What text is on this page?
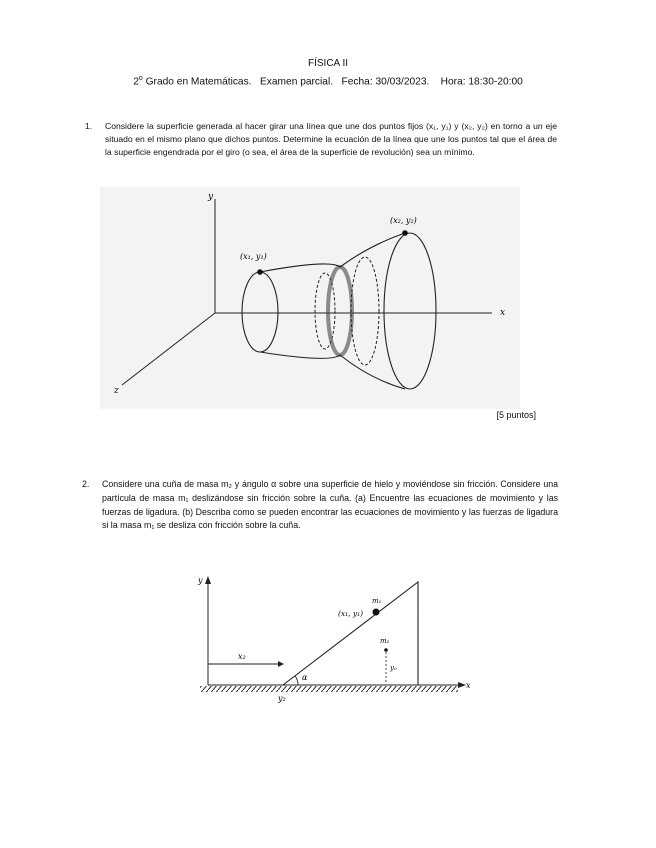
FÍSICA II
2$^o$ Grado en Matemáticas.   Examen parcial.   Fecha: 30/03/2023.    Hora: 18:30-20:00
1. Considere la superficie generada al hacer girar una línea que une dos puntos fijos (x₁, y₁) y (x₂, y₂) en torno a un eje situado en el mismo plano que dichos puntos. Determine la ecuación de la línea que une los puntos tal que el área de la superficie engendrada por el giro (o sea, el área de la superficie de revolución) sea un mínimo.
y
x
z
(x₁, y₁)
(x₂, y₂)
[5 puntos]
2. Considere una cuña de masa m₂ y ángulo α sobre una superficie de hielo y moviéndose sin fricción. Considere una partícula de masa m₁ deslizándose sin fricción sobre la cuña. (a) Encuentre las ecuaciones de movimiento y las fuerzas de ligadura. (b) Describa como se pueden encontrar las ecuaciones de movimiento y las fuerzas de ligadura si la masa m₁ se desliza con fricción sobre la cuña.
y
x
α
x₂
y₂
m₁
(x₁, y₁)
m₂
y₀
